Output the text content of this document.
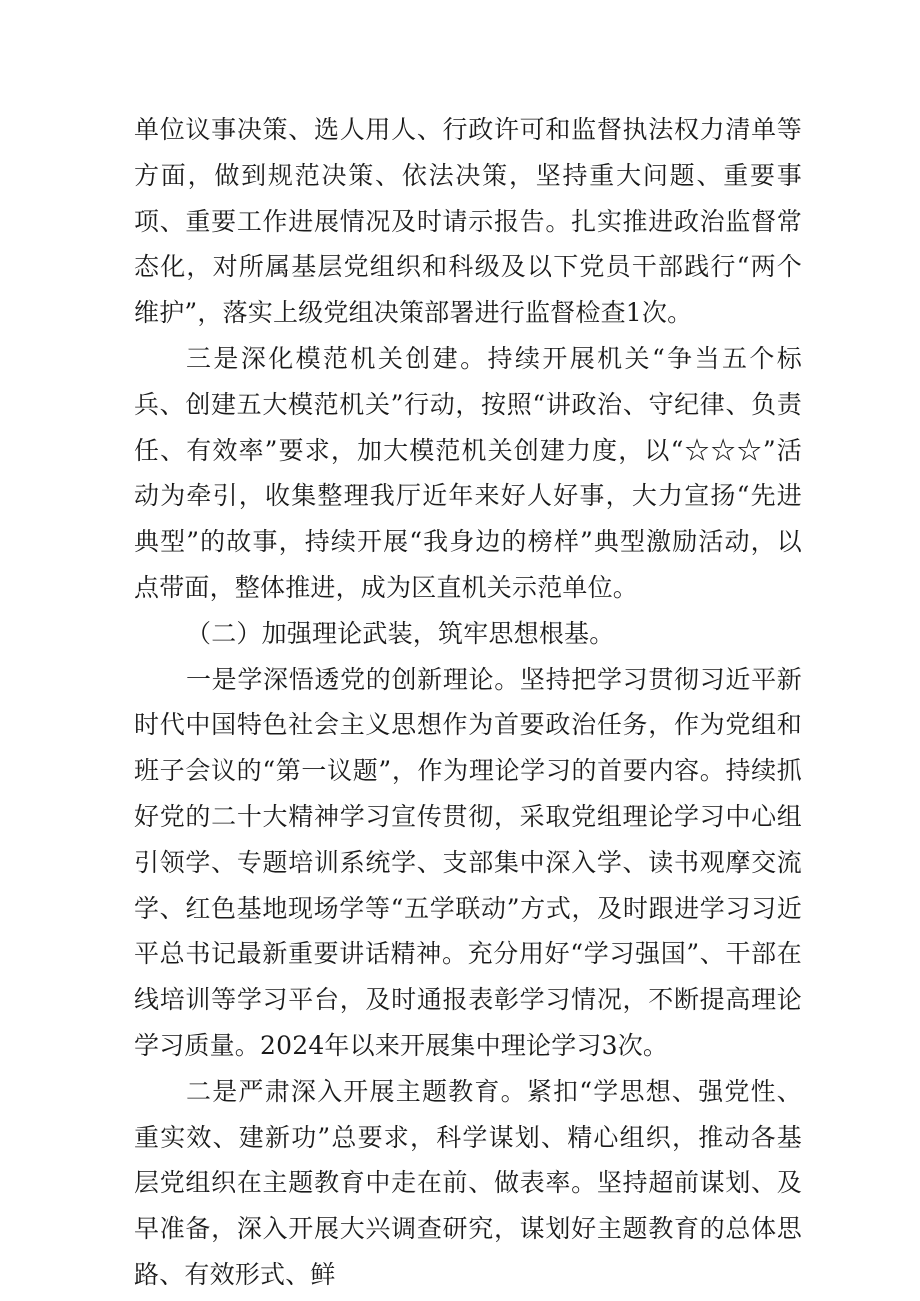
单位议事决策、选人用人、行政许可和监督执法权力清单等方面，做到规范决策、依法决策，坚持重大问题、重要事项、重要工作进展情况及时请示报告。扎实推进政治监督常态化，对所属基层党组织和科级及以下党员干部践行“两个维护”，落实上级党组决策部署进行监督检查1次。

三是深化模范机关创建。持续开展机关“争当五个标兵、创建五大模范机关”行动，按照“讲政治、守纪律、负责任、有效率”要求，加大模范机关创建力度，以“☆☆☆”活动为牵引，收集整理我厅近年来好人好事，大力宣扬“先进典型”的故事，持续开展“我身边的榜样”典型激励活动，以点带面，整体推进，成为区直机关示范单位。

（二）加强理论武装，筑牢思想根基。

一是学深悟透党的创新理论。坚持把学习贯彻习近平新时代中国特色社会主义思想作为首要政治任务，作为党组和班子会议的“第一议题”，作为理论学习的首要内容。持续抓好党的二十大精神学习宣传贯彻，采取党组理论学习中心组引领学、专题培训系统学、支部集中深入学、读书观摩交流学、红色基地现场学等“五学联动”方式，及时跟进学习习近平总书记最新重要讲话精神。充分用好“学习强国”、干部在线培训等学习平台，及时通报表彰学习情况，不断提高理论学习质量。2024年以来开展集中理论学习3次。

二是严肃深入开展主题教育。紧扣“学思想、强党性、重实效、建新功”总要求，科学谋划、精心组织，推动各基层党组织在主题教育中走在前、做表率。坚持超前谋划、及早准备，深入开展大兴调查研究，谋划好主题教育的总体思路、有效形式、鲜
